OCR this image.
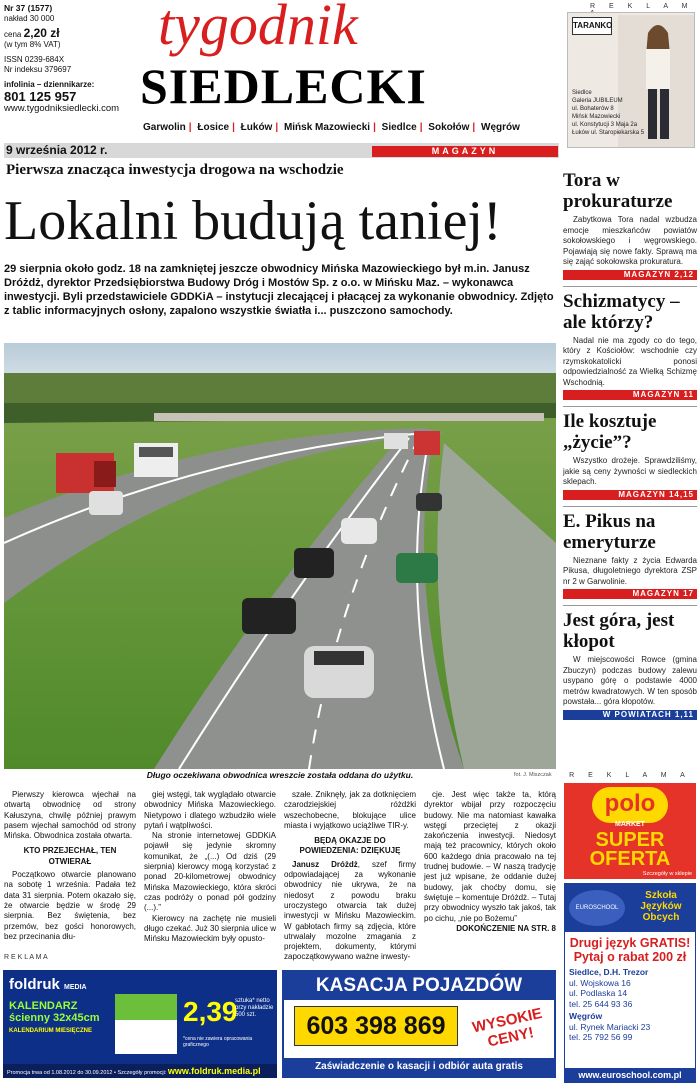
Nr 37 (1577)
nakład 30 000
cena 2,20 zł
(w tym 8% VAT)
ISSN 0239-684X
Nr indeksu 379697
infolinia – dziennikarze:
801 125 957
www.tygodniksiedlecki.com
tygodnik
SIEDLECKI
Garwolin | Łosice | Łuków | Mińsk Mazowiecki | Siedlce | Sokołów | Węgrów
9 września 2012 r.	MAGAZYN
R E K L A M
TARANKO
Siedlce
Galeria JUBILEUM
ul. Bohaterów 8
Mińsk Mazowiecki
ul. Konstytucji 3 Maja 2a
Łuków ul. Staropiekarska 5
Pierwsza znacząca inwestycja drogowa na wschodzie
Lokalni budują taniej!
29 sierpnia około godz. 18 na zamkniętej jeszcze obwodnicy Mińska Mazowieckiego był m.in. Janusz Dróżdż, dyrektor Przedsiębiorstwa Budowy Dróg i Mostów Sp. z o.o. w Mińsku Maz. – wykonawca inwestycji. Byli przedstawiciele GDDKiA – instytucji zlecającej i płacącej za wykonanie obwodnicy. Zdjęto z tablic informacyjnych osłony, zapalono wszystkie światła i... puszczono samochody.
Długo oczekiwana obwodnica wreszcie została oddana do użytku.	fot. J. Miszczak

Pierwszy kierowca wjechał na otwartą obwodnicę od strony Kałuszyna, chwilę później prawym pasem wjechał samochód od strony Mińska. Obwodnica została otwarta.

KTO PRZEJECHAŁ, TEN OTWIERAŁ

Początkowo otwarcie planowano na sobotę 1 września. Padała też data 31 sierpnia. Potem okazało się, że otwarcie będzie w środę 29 sierpnia. Bez świętenia, bez przemów, bez gości honorowych, bez przecinania dłu-

giej wstęgi, tak wyglądało otwarcie obwodnicy Mińska Mazowieckiego. Nietypowo i dlatego wzbudziło wiele pytań i wątpliwości.

Na stronie internetowej GDDKiA pojawił się jedynie skromny komunikat, że „(...) Od dziś (29 sierpnia) kierowcy mogą korzystać z ponad 20-kilometrowej obwodnicy Mińska Mazowieckiego, która skróci czas podróży o ponad pół godziny (...).”

Kierowcy na zachętę nie musieli długo czekać. Już 30 sierpnia ulice w Mińsku Mazowieckim były opusto-

szałe. Zniknęły, jak za dotknięciem czarodziejskiej różdżki wszechobecne, blokujące ulice miasta i wyjątkowo uciążliwe TIR-y.

BĘDĄ OKAZJE DO POWIEDZENIA: DZIĘKUJĘ

Janusz Dróżdż, szef firmy odpowiadającej za wykonanie obwodnicy nie ukrywa, że na niedosyt z powodu braku uroczystego otwarcia tak dużej inwestycji w Mińsku Mazowieckim. W gabłotach firmy są zdjęcia, które utrwalały mozolne zmagania z projektem, dokumenty, którymi zapoczątkowywano ważne inwesty-

cje. Jest więc także ta, którą dyrektor wbijał przy rozpoczęciu budowy. Nie ma natomiast kawałka wstęgi przeciętej z okazji zakończenia inwestycji. Niedosyt mają też pracownicy, których około 600 każdego dnia pracowało na tej trudnej budowie. – W naszą tradycję jest już wpisane, że oddanie dużej budowy, jak choćby domu, się świętuje – komentuje Dróżdż. – Tutaj przy obwodnicy wyszło tak jakoś, tak po cichu, „nie po Bożemu”

DOKOŃCZENIE NA STR. 8

R E K L A M A
foldruk MEDIA
KALENDARZ ścienny 32x45cm
KALENDARIUM MIESIĘCZNE
2,39
sztuka* netto przy nakładzie 500 szt.
*cena nie zawiera opracowania graficznego
Promocja trwa od 1.08.2012 do 30.09.2012 • Szczegóły promocji: www.foldruk.media.pl
KASACJA POJAZDÓW
603 398 869	WYSOKIE CENY!
Zaświadczenie o kasacji i odbiór auta gratis
Tora w prokuraturze

Zabytkowa Tora nadal wzbudza emocje mieszkańców powiatów sokołowskiego i węgrowskiego. Pojawiają się nowe fakty. Sprawą ma się zająć sokołowska prokuratura.

MAGAZYN 2,12
Schizmatycy – ale którzy?

Nadal nie ma zgody co do tego, który z Kościołów: wschodnie czy rzymskokatolicki ponosi odpowiedzialność za Wielką Schizmę Wschodnią.

MAGAZYN 11
Ile kosztuje „życie”?

Wszystko drożeje. Sprawdziliśmy, jakie są ceny żywności w siedleckich sklepach.

MAGAZYN 14,15
E. Pikus na emeryturze

Nieznane fakty z życia Edwarda Pikusa, długoletniego dyrektora ZSP nr 2 w Garwolinie.

MAGAZYN 17
Jest góra, jest kłopot

W miejscowości Rowce (gmina Zbuczyn) podczas budowy zalewu usypano górę o podstawie 4000 metrów kwadratowych. W ten sposób powstała... góra kłopotów.

W POWIATACH 1,11
R E K L A M A
polo
MARKET
SUPER OFERTA
Szczegóły w sklepie
EUROSCHOOL
Szkoła Języków Obcych
Drugi język GRATIS!
Pytaj o rabat 200 zł
Siedlce, D.H. Trezor
ul. Wojskowa 16
ul. Podlaska 14
tel. 25 644 93 36
Węgrów
ul. Rynek Mariacki 23
tel. 25 792 56 99
www.euroschool.com.pl
